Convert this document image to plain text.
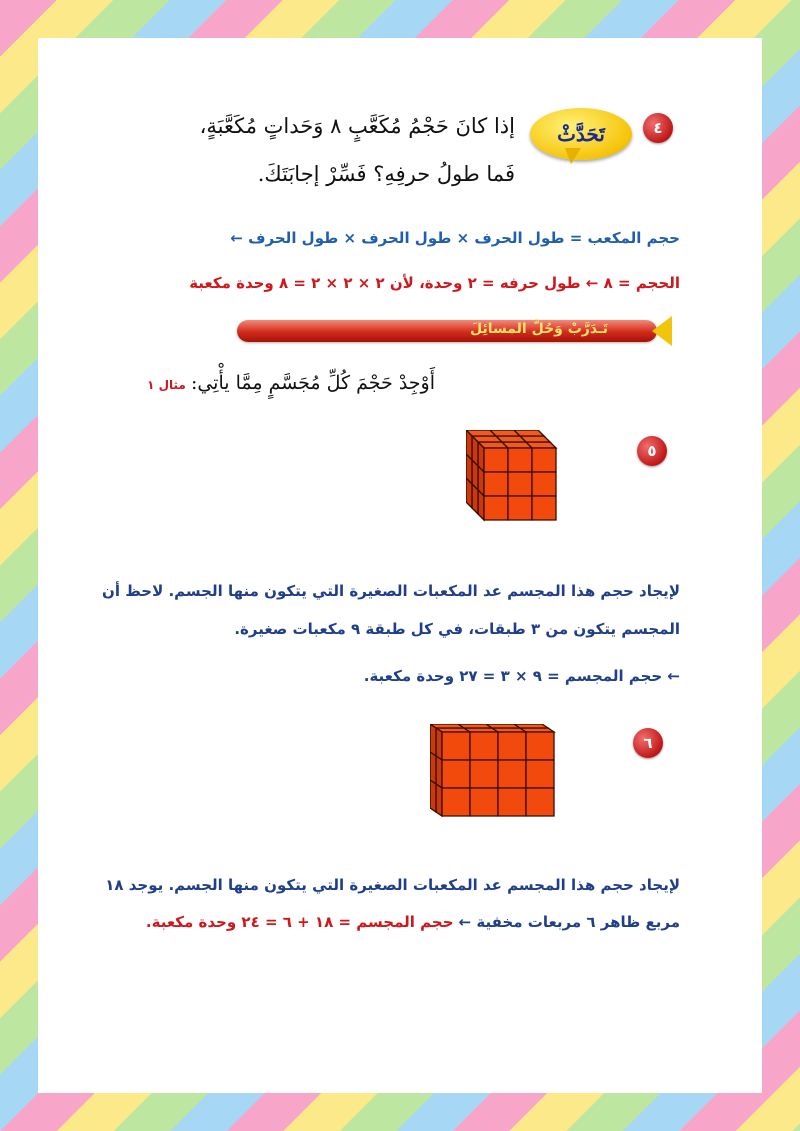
٤
تَحَدَّثْ
إذا كانَ حَجْمُ مُكَعَّبٍ ٨ وَحَداتٍ مُكَعَّبَةٍ،
فَما طولُ حرفِهِ؟ فَسِّرْ إجابَتَكَ.
حجم المكعب = طول الحرف × طول الحرف × طول الحرف ←
الحجم = ٨ ← طول حرفه = ٢ وحدة، لأن ٢ × ٢ × ٢ = ٨ وحدة مكعبة
تَـدَرَّبْ وَحُلَّ المسائِلَ
أَوْجِدْ حَجْمَ كُلِّ مُجَسَّمٍ مِمَّا يأْتِي: مثال ١
٥
لإيجاد حجم هذا المجسم عد المكعبات الصغيرة التي يتكون منها الجسم. لاحظ أن
المجسم يتكون من ٣ طبقات، في كل طبقة ٩ مكعبات صغيرة.
← حجم المجسم = ٩ × ٣ = ٢٧ وحدة مكعبة.
٦
لإيجاد حجم هذا المجسم عد المكعبات الصغيرة التي يتكون منها الجسم. يوجد ١٨
مربع ظاهر ٦ مربعات مخفية ← حجم المجسم = ١٨ + ٦ = ٢٤ وحدة مكعبة.
